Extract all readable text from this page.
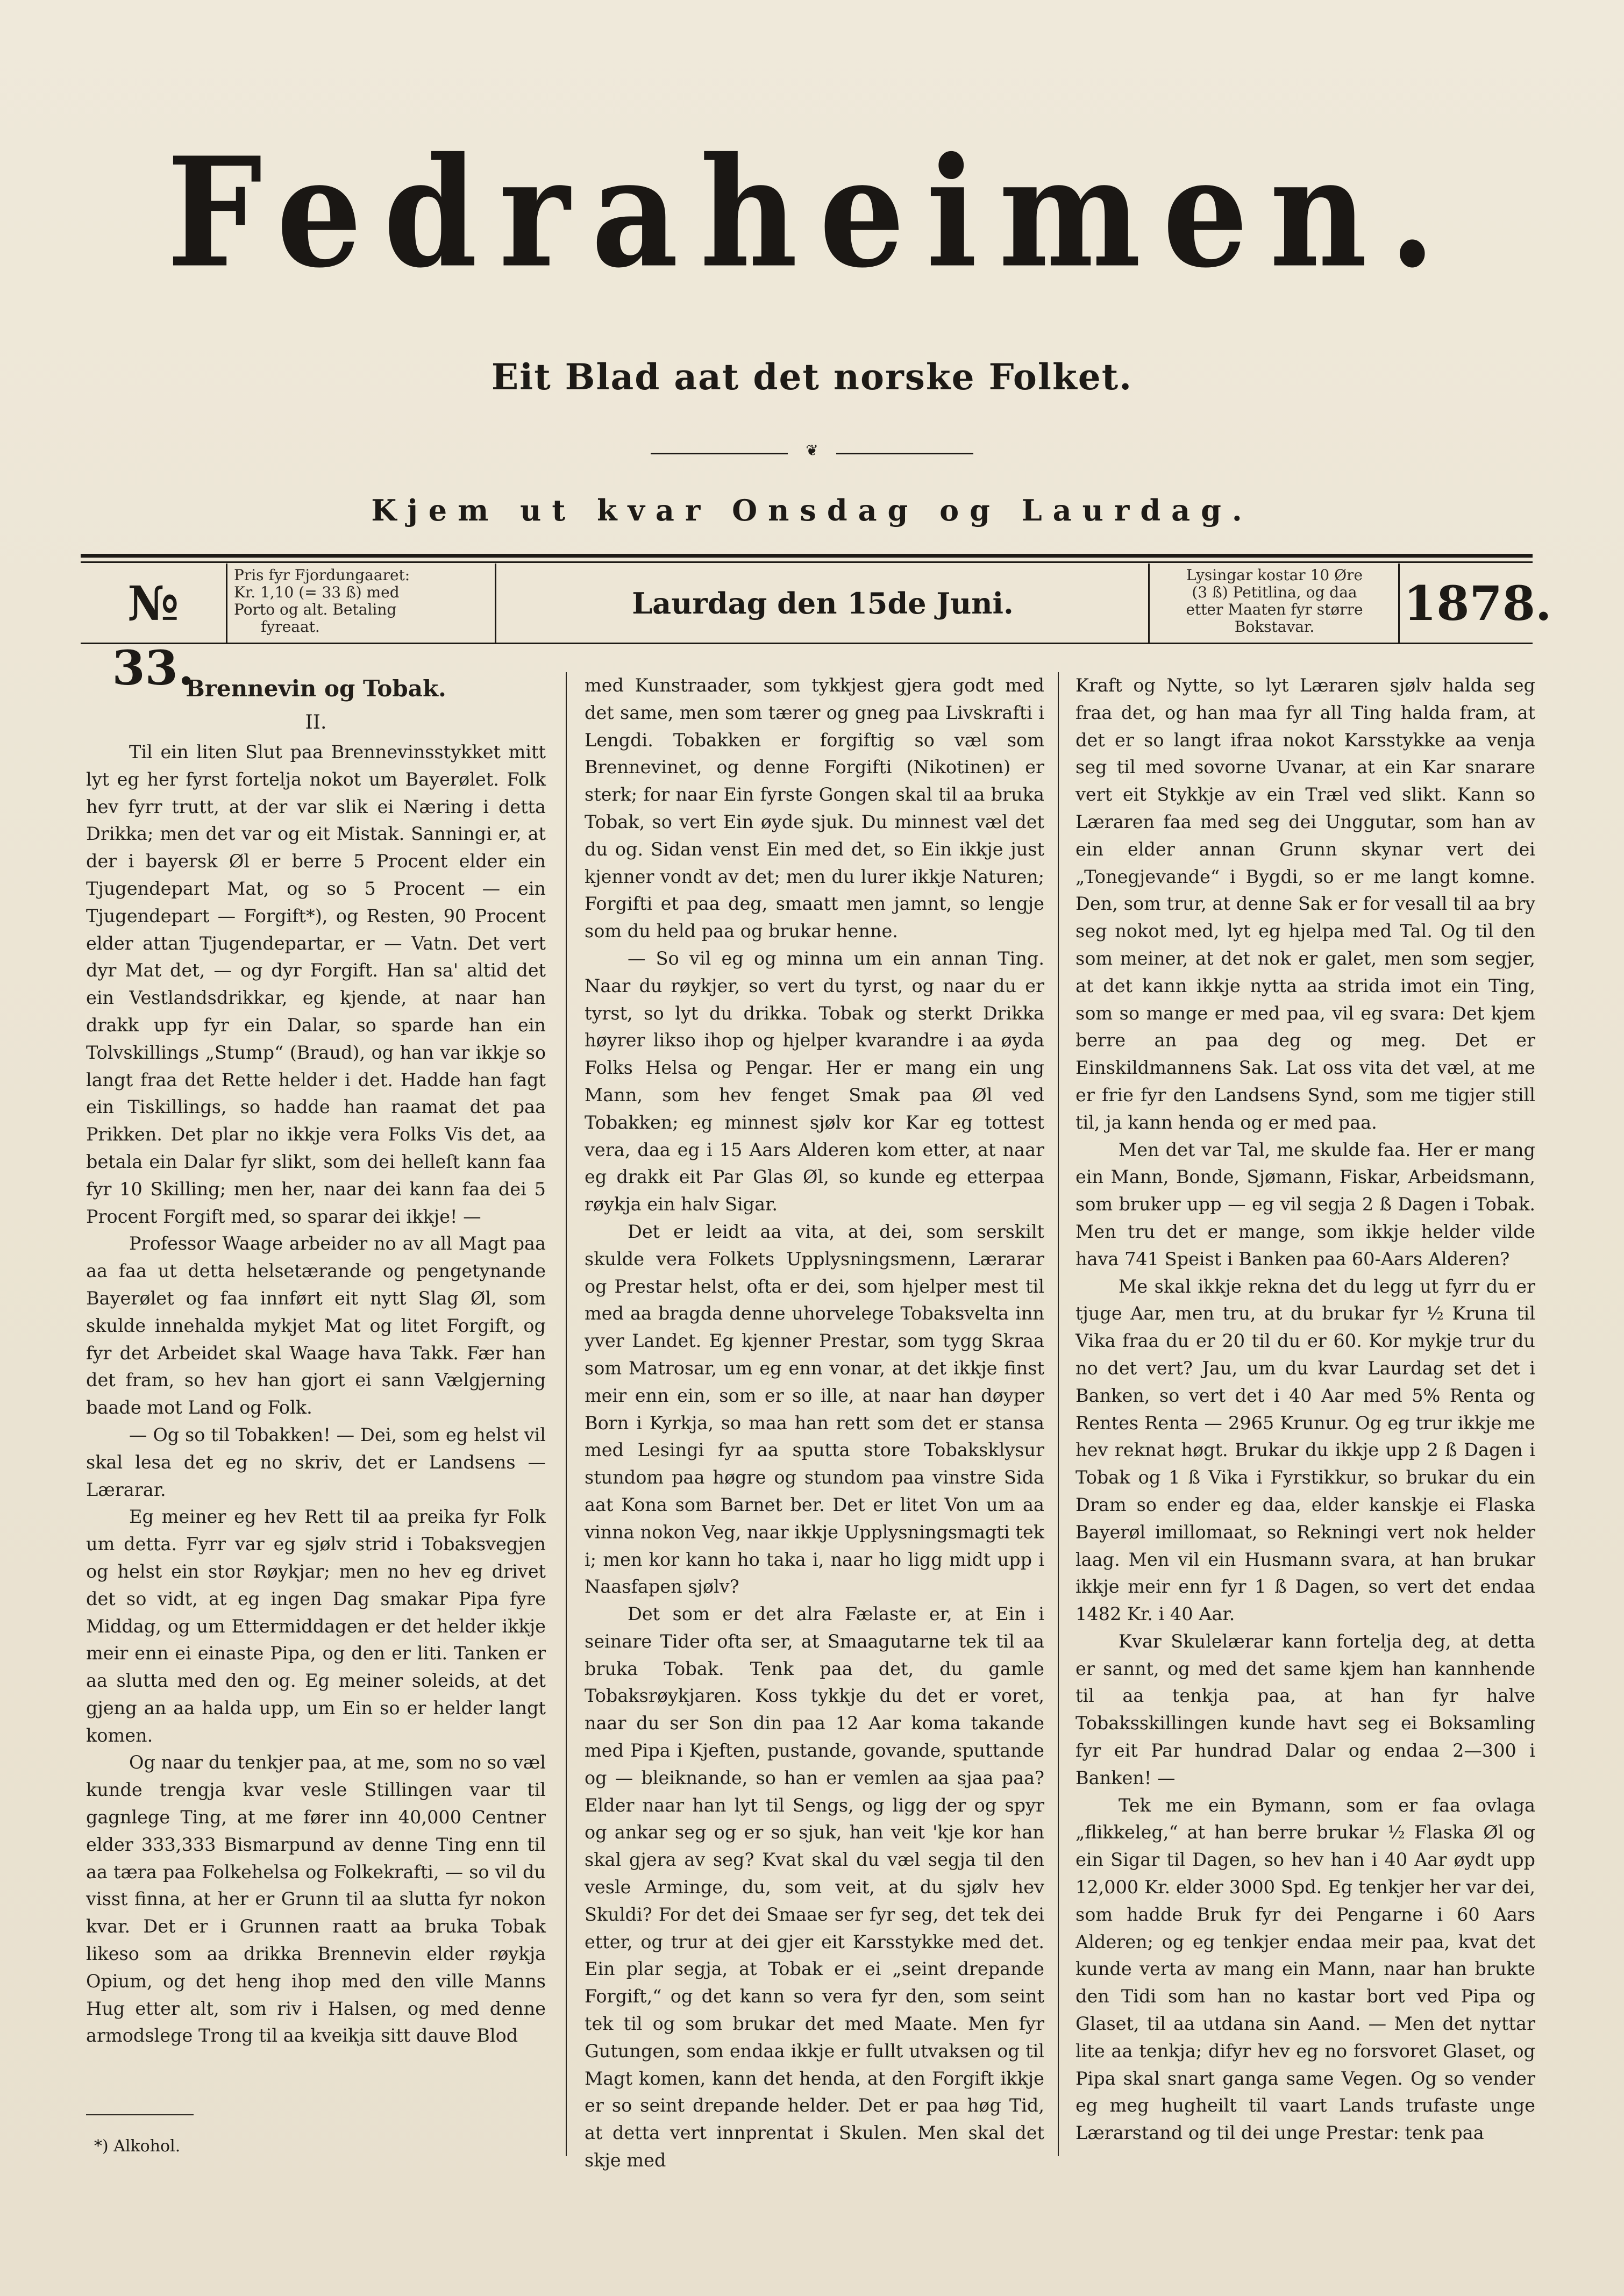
Fedraheimen.
Eit Blad aat det norske Folket.
❦
Kjem ut kvar Onsdag og Laurdag.
№ 33.
Pris fyr Fjordungaaret:
Kr. 1,10 (= 33 ß) med
Porto og alt. Betaling
fyreaat.
Laurdag den 15de Juni.
Lysingar kostar 10 Øre
(3 ß) Petitlina, og daa
etter Maaten fyr større
Bokstavar.	1878.
Brennevin og Tobak.
II.

Til ein liten Slut paa Brennevinsstykket mitt lyt eg her fyrst fortelja nokot um Bayerølet. Folk hev fyrr trutt, at der var slik ei Næring i detta Drikka; men det var og eit Mistak. Sanningi er, at der i bayersk Øl er berre 5 Procent elder ein Tjugendepart Mat, og so 5 Procent — ein Tjugendepart — Forgift*), og Resten, 90 Procent elder attan Tjugendepartar, er — Vatn. Det vert dyr Mat det, — og dyr Forgift. Han sa' altid det ein Vestlandsdrikkar, eg kjende, at naar han drakk upp fyr ein Dalar, so sparde han ein Tolvskillings „Stump“ (Braud), og han var ikkje so langt fraa det Rette helder i det. Hadde han fagt ein Tiskillings, so hadde han raamat det paa Prikken. Det plar no ikkje vera Folks Vis det, aa betala ein Dalar fyr slikt, som dei helleſt kann faa fyr 10 Skilling; men her, naar dei kann faa dei 5 Procent Forgift med, so sparar dei ikkje! —

Professor Waage arbeider no av all Magt paa aa faa ut detta helsetærande og pengetynande Bayerølet og faa innført eit nytt Slag Øl, som skulde innehalda mykjet Mat og litet Forgift, og fyr det Arbeidet skal Waage hava Takk. Fær han det fram, so hev han gjort ei sann Vælgjerning baade mot Land og Folk.

— Og so til Tobakken! — Dei, som eg helst vil skal lesa det eg no skriv, det er Landsens — Lærarar.

Eg meiner eg hev Rett til aa preika fyr Folk um detta. Fyrr var eg sjølv strid i Tobaksvegjen og helst ein stor Røykjar; men no hev eg drivet det so vidt, at eg ingen Dag smakar Pipa fyre Middag, og um Ettermiddagen er det helder ikkje meir enn ei einaste Pipa, og den er liti. Tanken er aa slutta med den og. Eg meiner soleids, at det gjeng an aa halda upp, um Ein so er helder langt komen.

Og naar du tenkjer paa, at me, som no so væl kunde trengja kvar vesle Stillingen vaar til gagnlege Ting, at me fører inn 40,000 Centner elder 333,333 Bismarpund av denne Ting enn til aa tæra paa Folkehelsa og Folkekrafti, — so vil du visst finna, at her er Grunn til aa slutta fyr nokon kvar. Det er i Grunnen raatt aa bruka Tobak likeso som aa drikka Brennevin elder røykja Opium, og det heng ihop med den ville Manns Hug etter alt, som riv i Halsen, og med denne armodslege Trong til aa kveikja sitt dauve Blod

med Kunstraader, som tykkjest gjera godt med det same, men som tærer og gneg paa Livskrafti i Lengdi. Tobakken er forgiftig so væl som Brennevinet, og denne Forgifti (Nikotinen) er sterk; for naar Ein fyrste Gongen skal til aa bruka Tobak, so vert Ein øyde sjuk. Du minnest væl det du og. Sidan venst Ein med det, so Ein ikkje just kjenner vondt av det; men du lurer ikkje Naturen; Forgifti et paa deg, smaatt men jamnt, so lengje som du held paa og brukar henne.

— So vil eg og minna um ein annan Ting. Naar du røykjer, so vert du tyrst, og naar du er tyrst, so lyt du drikka. Tobak og sterkt Drikka høyrer likso ihop og hjelper kvarandre i aa øyda Folks Helsa og Pengar. Her er mang ein ung Mann, som hev fenget Smak paa Øl ved Tobakken; eg minnest sjølv kor Kar eg tottest vera, daa eg i 15 Aars Alderen kom etter, at naar eg drakk eit Par Glas Øl, so kunde eg etterpaa røykja ein halv Sigar.

Det er leidt aa vita, at dei, som serskilt skulde vera Folkets Upplysningsmenn, Lærarar og Prestar helst, ofta er dei, som hjelper mest til med aa bragda denne uhorvelege Tobaksvelta inn yver Landet. Eg kjenner Prestar, som tygg Skraa som Matrosar, um eg enn vonar, at det ikkje finst meir enn ein, som er so ille, at naar han døyper Born i Kyrkja, so maa han rett som det er stansa med Lesingi fyr aa sputta store Tobaksklysur stundom paa høgre og stundom paa vinstre Sida aat Kona som Barnet ber. Det er litet Von um aa vinna nokon Veg, naar ikkje Upplysningsmagti tek i; men kor kann ho taka i, naar ho ligg midt upp i Naasfapen sjølv?

Det som er det alra Fælaste er, at Ein i seinare Tider ofta ser, at Smaagutarne tek til aa bruka Tobak. Tenk paa det, du gamle Tobaksrøykjaren. Koss tykkje du det er voret, naar du ser Son din paa 12 Aar koma takande med Pipa i Kjeften, pustande, govande, sputtande og — bleiknande, so han er vemlen aa sjaa paa? Elder naar han lyt til Sengs, og ligg der og spyr og ankar seg og er so sjuk, han veit 'kje kor han skal gjera av seg? Kvat skal du væl segja til den vesle Arminge, du, som veit, at du sjølv hev Skuldi? For det dei Smaae ser fyr seg, det tek dei etter, og trur at dei gjer eit Karsstykke med det. Ein plar segja, at Tobak er ei „seint drepande Forgift,“ og det kann so vera fyr den, som seint tek til og som brukar det med Maate. Men fyr Gutungen, som endaa ikkje er fullt utvaksen og til Magt komen, kann det henda, at den Forgift ikkje er so seint drepande helder. Det er paa høg Tid, at detta vert innprentat i Skulen. Men skal det skje med

Kraft og Nytte, so lyt Læraren sjølv halda seg fraa det, og han maa fyr all Ting halda fram, at det er so langt ifraa nokot Karsstykke aa venja seg til med sovorne Uvanar, at ein Kar snarare vert eit Stykkje av ein Træl ved slikt. Kann so Læraren faa med seg dei Unggutar, som han av ein elder annan Grunn skynar vert dei „Tonegjevande“ i Bygdi, so er me langt komne. Den, som trur, at denne Sak er for vesall til aa bry seg nokot med, lyt eg hjelpa med Tal. Og til den som meiner, at det nok er galet, men som segjer, at det kann ikkje nytta aa strida imot ein Ting, som so mange er med paa, vil eg svara: Det kjem berre an paa deg og meg. Det er Einskildmannens Sak. Lat oss vita det væl, at me er frie fyr den Landsens Synd, som me tigjer still til, ja kann henda og er med paa.

Men det var Tal, me skulde faa. Her er mang ein Mann, Bonde, Sjømann, Fiskar, Arbeidsmann, som bruker upp — eg vil segja 2 ß Dagen i Tobak. Men tru det er mange, som ikkje helder vilde hava 741 Speist i Banken paa 60-Aars Alderen?

Me skal ikkje rekna det du legg ut fyrr du er tjuge Aar, men tru, at du brukar fyr ½ Kruna til Vika fraa du er 20 til du er 60. Kor mykje trur du no det vert? Jau, um du kvar Laurdag set det i Banken, so vert det i 40 Aar med 5% Renta og Rentes Renta — 2965 Krunur. Og eg trur ikkje me hev reknat høgt. Brukar du ikkje upp 2 ß Dagen i Tobak og 1 ß Vika i Fyrstikkur, so brukar du ein Dram so ender eg daa, elder kanskje ei Flaska Bayerøl imillomaat, so Rekningi vert nok helder laag. Men vil ein Husmann svara, at han brukar ikkje meir enn fyr 1 ß Dagen, so vert det endaa 1482 Kr. i 40 Aar.

Kvar Skulelærar kann fortelja deg, at detta er sannt, og med det same kjem han kannhende til aa tenkja paa, at han fyr halve Tobaksskillingen kunde havt seg ei Boksamling fyr eit Par hundrad Dalar og endaa 2—300 i Banken! —

Tek me ein Bymann, som er faa ovlaga „flikkeleg,“ at han berre brukar ½ Flaska Øl og ein Sigar til Dagen, so hev han i 40 Aar øydt upp 12,000 Kr. elder 3000 Spd. Eg tenkjer her var dei, som hadde Bruk fyr dei Pengarne i 60 Aars Alderen; og eg tenkjer endaa meir paa, kvat det kunde verta av mang ein Mann, naar han brukte den Tidi som han no kastar bort ved Pipa og Glaset, til aa utdana sin Aand. — Men det nyttar lite aa tenkja; difyr hev eg no forsvoret Glaset, og Pipa skal snart ganga same Vegen. Og so vender eg meg hugheilt til vaart Lands trufaste unge Lærarstand og til dei unge Prestar: tenk paa

*) Alkohol.
